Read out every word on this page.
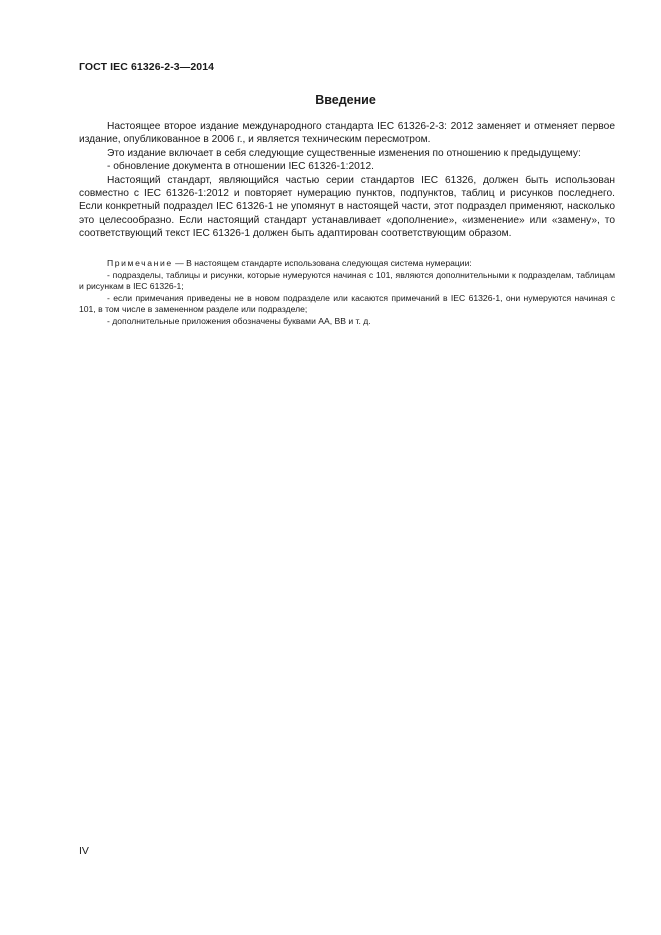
ГОСТ IEC 61326-2-3—2014
Введение

Настоящее второе издание международного стандарта IEC 61326-2-3: 2012 заменяет и отменяет первое издание, опубликованное в 2006 г., и является техническим пересмотром.

Это издание включает в себя следующие существенные изменения по отношению к предыдущему:

- обновление документа в отношении IEC 61326-1:2012.

Настоящий стандарт, являющийся частью серии стандартов IEC 61326, должен быть использован совместно с IEC 61326-1:2012 и повторяет нумерацию пунктов, подпунктов, таблиц и рисунков последнего. Если конкретный подраздел IEC 61326-1 не упомянут в настоящей части, этот подраздел применяют, насколько это целесообразно. Если настоящий стандарт устанавливает «дополнение», «изменение» или «замену», то соответствующий текст IEC 61326-1 должен быть адаптирован соответствующим образом.

Примечание — В настоящем стандарте использована следующая система нумерации:

- подразделы, таблицы и рисунки, которые нумеруются начиная с 101, являются дополнительными к подразделам, таблицам и рисункам в IEC 61326-1;

- если примечания приведены не в новом подразделе или касаются примечаний в IEC 61326-1, они нумеруются начиная с 101, в том числе в замененном разделе или подразделе;

- дополнительные приложения обозначены буквами АА, ВВ и т. д.

IV
